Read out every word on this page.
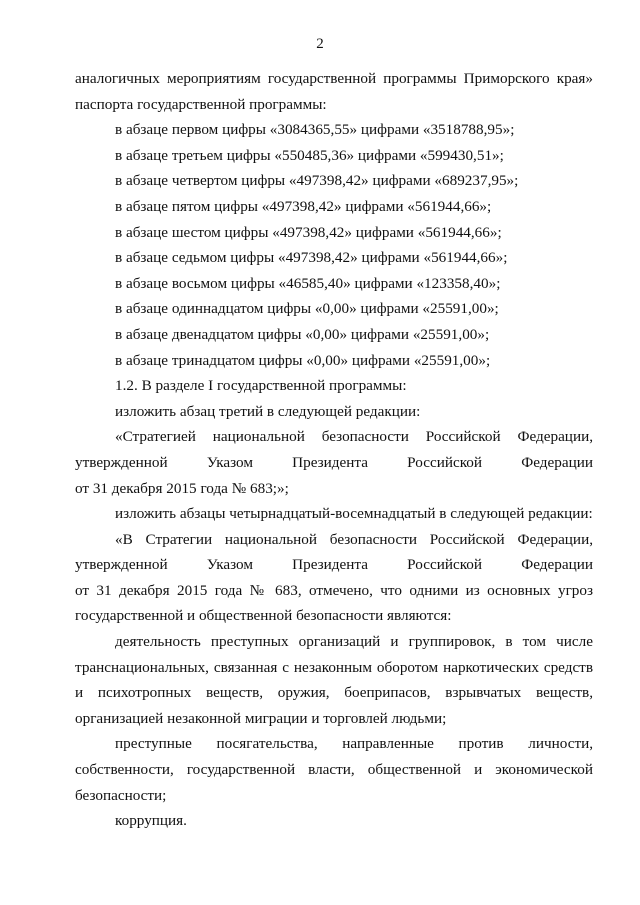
2

аналогичных мероприятиям государственной программы Приморского края»

паспорта государственной программы:

в абзаце первом цифры «3084365,55» цифрами «3518788,95»;

в абзаце третьем цифры «550485,36» цифрами «599430,51»;

в абзаце четвертом цифры «497398,42» цифрами «689237,95»;

в абзаце пятом цифры «497398,42» цифрами «561944,66»;

в абзаце шестом цифры «497398,42» цифрами «561944,66»;

в абзаце седьмом цифры «497398,42» цифрами «561944,66»;

в абзаце восьмом цифры «46585,40» цифрами «123358,40»;

в абзаце одиннадцатом цифры «0,00» цифрами «25591,00»;

в абзаце двенадцатом цифры «0,00» цифрами «25591,00»;

в абзаце тринадцатом цифры «0,00» цифрами «25591,00»;

1.2. В разделе I государственной программы:

изложить абзац третий в следующей редакции:

«Стратегией национальной безопасности Российской Федерации,

утвержденной Указом Президента Российской Федерации

от 31 декабря 2015 года № 683;»;

изложить абзацы четырнадцатый-восемнадцатый в следующей редакции:

«В Стратегии национальной безопасности Российской Федерации,

утвержденной Указом Президента Российской Федерации

от 31 декабря 2015 года № 683, отмечено, что одними из основных угроз

государственной и общественной безопасности являются:

деятельность преступных организаций и группировок, в том числе

транснациональных, связанная с незаконным оборотом наркотических средств

и психотропных веществ, оружия, боеприпасов, взрывчатых веществ,

организацией незаконной миграции и торговлей людьми;

преступные посягательства, направленные против личности,

собственности, государственной власти, общественной и экономической

безопасности;

коррупция.
